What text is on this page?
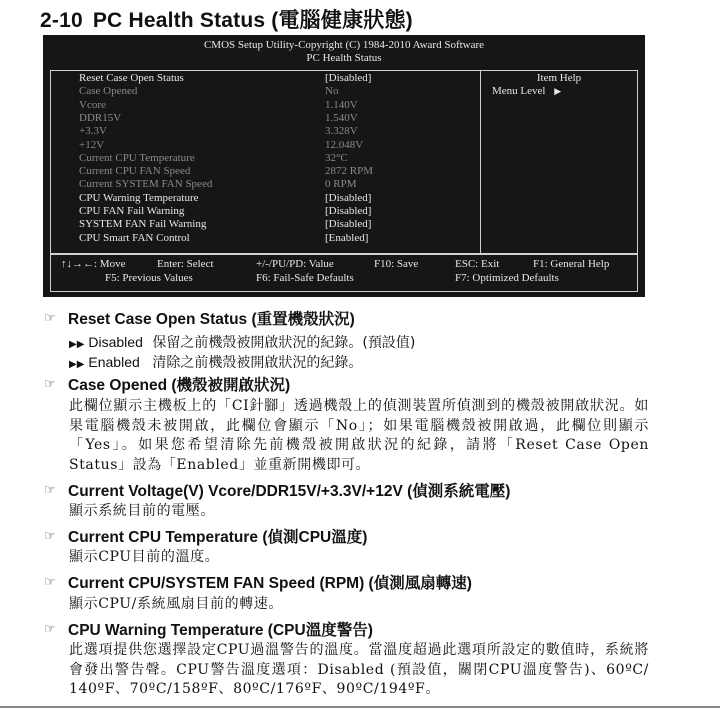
2-10 PC Health Status (電腦健康狀態)
CMOS Setup Utility-Copyright (C) 1984-2010 Award Software
PC Health Status
Reset Case Open Status	[Disabled]
Case Opened	No
Vcore	1.140V
DDR15V	1.540V
+3.3V	3.328V
+12V	12.048V
Current CPU Temperature	32°C
Current CPU FAN Speed	2872 RPM
Current SYSTEM FAN Speed	0 RPM
CPU Warning Temperature	[Disabled]
CPU FAN Fail Warning	[Disabled]
SYSTEM FAN Fail Warning	[Disabled]
CPU Smart FAN Control	[Enabled]
Item Help
Menu Level ▶
↑↓→←: Move	Enter: Select	+/-/PU/PD: Value	F10: Save	ESC: Exit	F1: General Help
F5: Previous Values	F6: Fail-Safe Defaults	F7: Optimized Defaults
☞ Reset Case Open Status (重置機殼狀況)
▶▶ Disabled 保留之前機殼被開啟狀況的紀錄。(預設值)
▶▶ Enabled 清除之前機殼被開啟狀況的紀錄。
☞ Case Opened (機殼被開啟狀況)
此欄位顯示主機板上的「CI針腳」透過機殼上的偵測裝置所偵測到的機殼被開啟狀況。如果電腦機殼未被開啟，此欄位會顯示「No」；如果電腦機殼被開啟過，此欄位則顯示「Yes」。如果您希望清除先前機殼被開啟狀況的紀錄，請將「Reset Case Open Status」設為「Enabled」並重新開機即可。
☞ Current Voltage(V) Vcore/DDR15V/+3.3V/+12V (偵測系統電壓)
顯示系統目前的電壓。
☞ Current CPU Temperature (偵測CPU溫度)
顯示CPU目前的溫度。
☞ Current CPU/SYSTEM FAN Speed (RPM) (偵測風扇轉速)
顯示CPU/系統風扇目前的轉速。
☞ CPU Warning Temperature (CPU溫度警告)
此選項提供您選擇設定CPU過溫警告的溫度。當溫度超過此選項所設定的數值時，系統將會發出警告聲。CPU警告溫度選項：Disabled (預設值，關閉CPU溫度警告)、60ºC/ 140ºF、70ºC/158ºF、80ºC/176ºF、90ºC/194ºF。
